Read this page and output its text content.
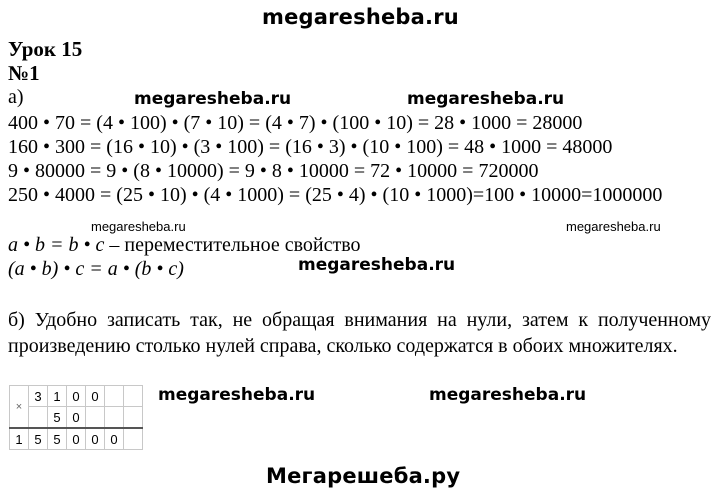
megaresheba.ru
Урок 15
№1
а)	megaresheba.ru	megaresheba.ru
400 • 70 = (4 • 100) • (7 • 10) = (4 • 7) • (100 • 10) = 28 • 1000 = 28000
160 • 300 = (16 • 10) • (3 • 100) = (16 • 3) • (10 • 100) = 48 • 1000 = 48000
9 • 80000 = 9 • (8 • 10000) = 9 • 8 • 10000 = 72 • 10000 = 720000
250 • 4000 = (25 • 10) • (4 • 1000) = (25 • 4) • (10 • 1000)=100 • 10000=1000000
megaresheba.ru	megaresheba.ru
a • b = b • c – переместительное свойство
(a • b) • c = a • (b • c)	megaresheba.ru
б) Удобно записать так, не обращая внимания на нули, затем к полученному произведению столько нулей справа, сколько содержатся в обоих множителях.
×	3	1	0	0		
		5	0			
1	5	5	0	0	0	
megaresheba.ru	megaresheba.ru
Мегарешеба.ру
